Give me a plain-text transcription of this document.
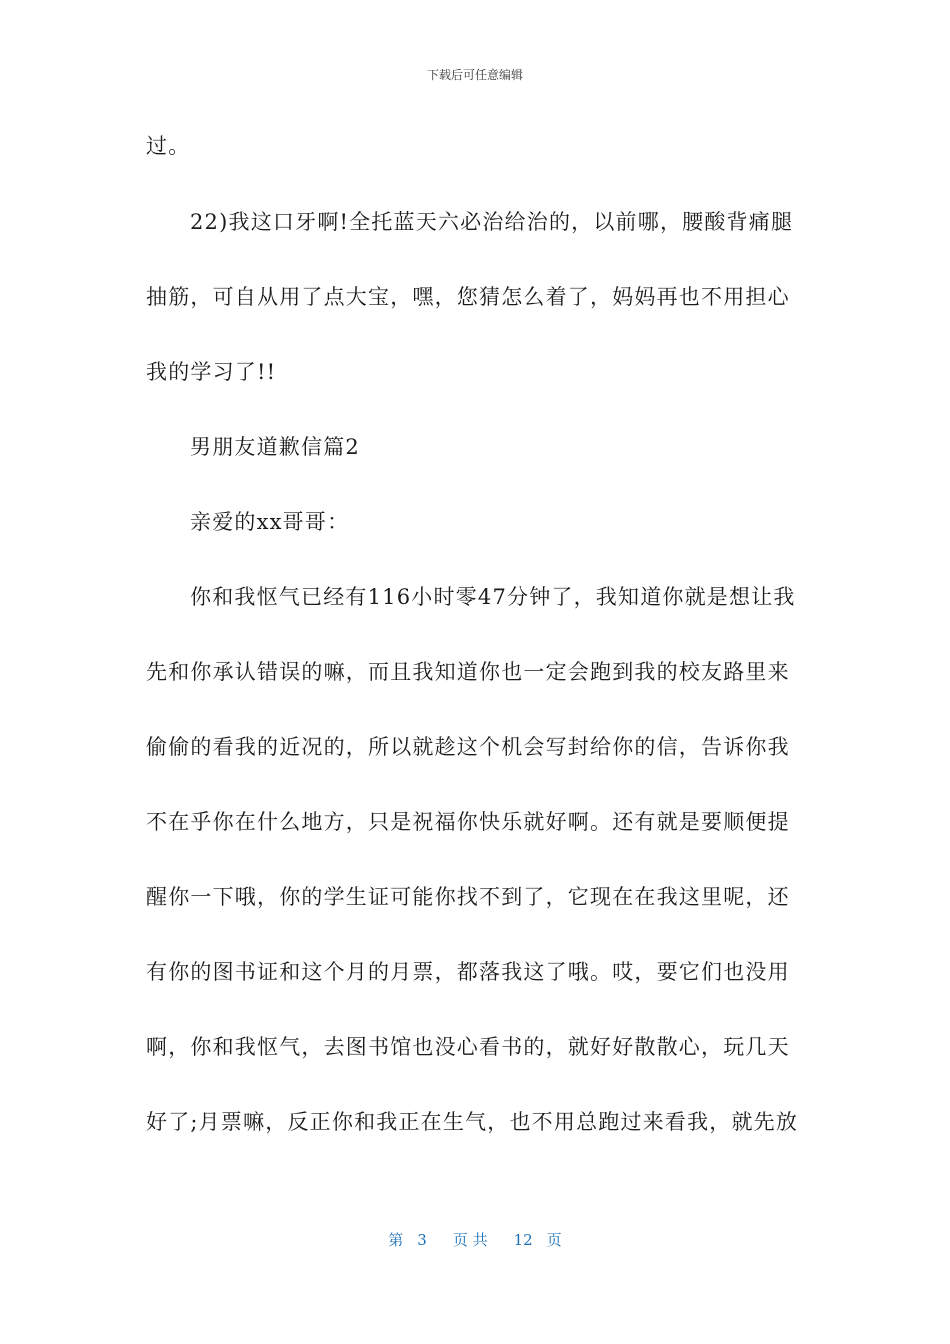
下载后可任意编辑
过。
22)我这口牙啊!全托蓝天六必治给治的，以前哪，腰酸背痛腿
抽筋，可自从用了点大宝，嘿，您猜怎么着了，妈妈再也不用担心
我的学习了!!
男朋友道歉信篇2
亲爱的xx哥哥：
你和我怄气已经有116小时零47分钟了，我知道你就是想让我
先和你承认错误的嘛，而且我知道你也一定会跑到我的校友路里来
偷偷的看我的近况的，所以就趁这个机会写封给你的信，告诉你我
不在乎你在什么地方，只是祝福你快乐就好啊。还有就是要顺便提
醒你一下哦，你的学生证可能你找不到了，它现在在我这里呢，还
有你的图书证和这个月的月票，都落我这了哦。哎，要它们也没用
啊，你和我怄气，去图书馆也没心看书的，就好好散散心，玩几天
好了;月票嘛，反正你和我正在生气，也不用总跑过来看我，就先放
第 3 页 共 12 页
